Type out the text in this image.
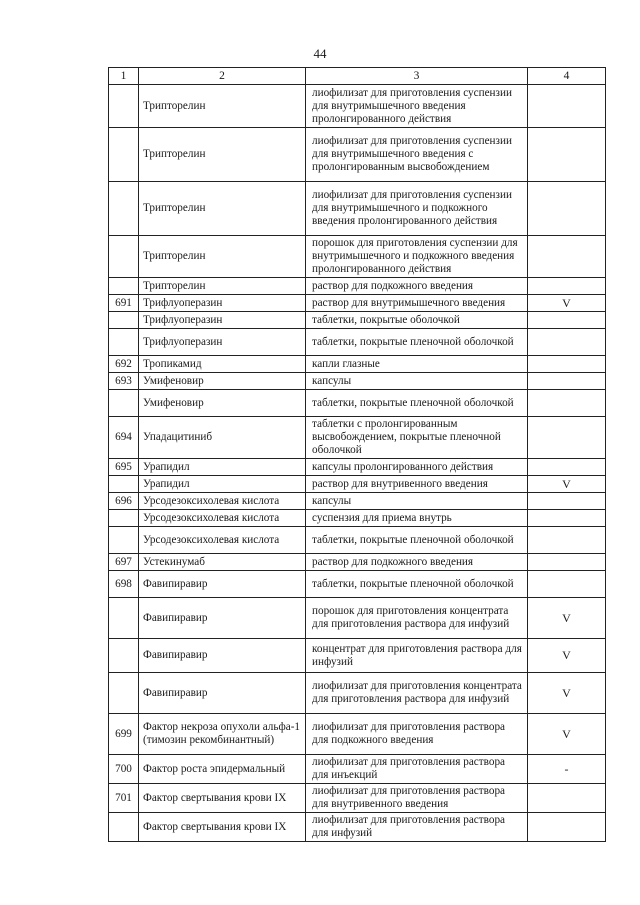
44
1	2	3	4
	Трипторелин	лиофилизат для приготовления суспензии для внутримышечного введения пролонгированного действия	
	Трипторелин	лиофилизат для приготовления суспензии для внутримышечного введения с пролонгированным высвобождением	
	Трипторелин	лиофилизат для приготовления суспензии для внутримышечного и подкожного введения пролонгированного действия	
	Трипторелин	порошок для приготовления суспензии для внутримышечного и подкожного введения пролонгированного действия	
	Трипторелин	раствор для подкожного введения	
691	Трифлуоперазин	раствор для внутримышечного введения	V
	Трифлуоперазин	таблетки, покрытые оболочкой	
	Трифлуоперазин	таблетки, покрытые пленочной оболочкой	
692	Тропикамид	капли глазные	
693	Умифеновир	капсулы	
	Умифеновир	таблетки, покрытые пленочной оболочкой	
694	Упадацитиниб	таблетки с пролонгированным высвобождением, покрытые пленочной оболочкой	
695	Урапидил	капсулы пролонгированного действия	
	Урапидил	раствор для внутривенного введения	V
696	Урсодезоксихолевая кислота	капсулы	
	Урсодезоксихолевая кислота	суспензия для приема внутрь	
	Урсодезоксихолевая кислота	таблетки, покрытые пленочной оболочкой	
697	Устекинумаб	раствор для подкожного введения	
698	Фавипиравир	таблетки, покрытые пленочной оболочкой	
	Фавипиравир	порошок для приготовления концентрата для приготовления раствора для инфузий	V
	Фавипиравир	концентрат для приготовления раствора для инфузий	V
	Фавипиравир	лиофилизат для приготовления концентрата для приготовления раствора для инфузий	V
699	Фактор некроза опухоли альфа-1 (тимозин рекомбинантный)	лиофилизат для приготовления раствора для подкожного введения	V
700	Фактор роста эпидермальный	лиофилизат для приготовления раствора для инъекций	-
701	Фактор свертывания крови IX	лиофилизат для приготовления раствора для внутривенного введения	
	Фактор свертывания крови IX	лиофилизат для приготовления раствора для инфузий	
